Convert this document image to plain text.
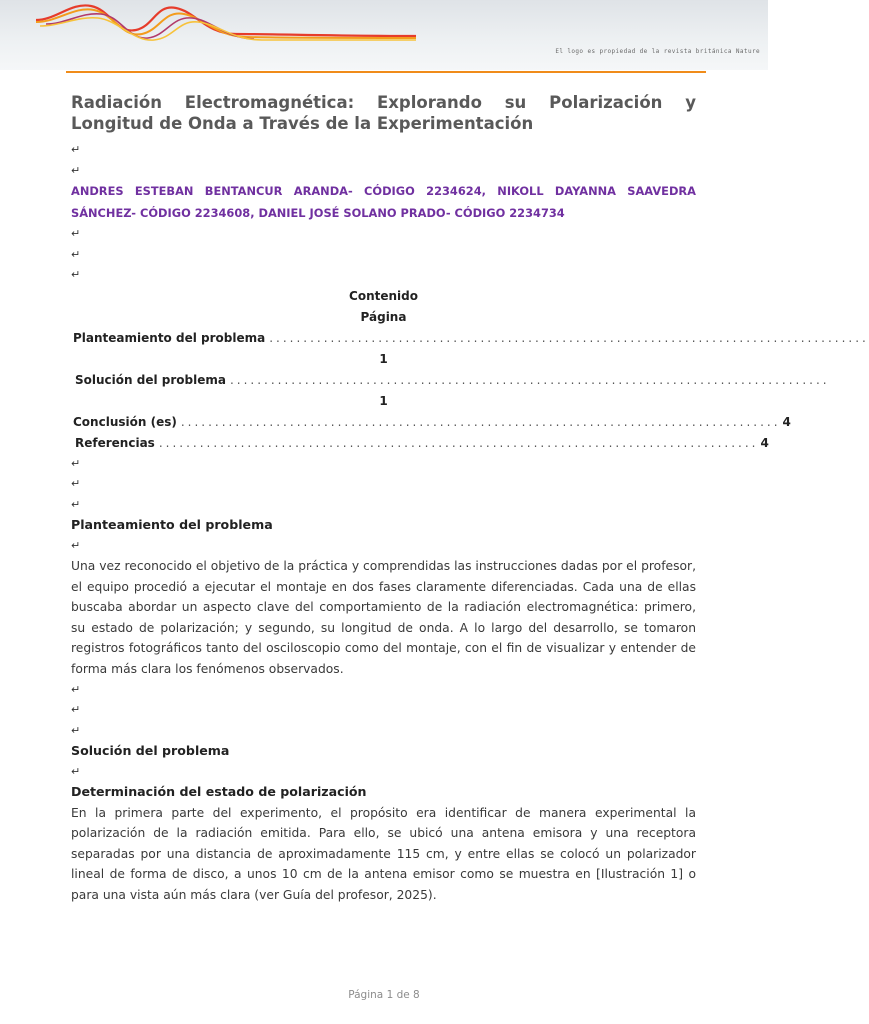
El logo es propiedad de la revista británica Nature
Radiación Electromagnética: Explorando su Polarización y
Longitud de Onda a Través de la Experimentación
↵
↵
ANDRES ESTEBAN BENTANCUR ARANDA- CÓDIGO 2234624, NIKOLL DAYANNA SAAVEDRA
SÁNCHEZ- CÓDIGO 2234608, DANIEL JOSÉ SOLANO PRADO- CÓDIGO 2234734
↵
↵
↵
Contenido
Página
Planteamiento del problema ........................................................................................
1
Solución del problema ........................................................................................
1
Conclusión (es) ........................................................................................ 4
Referencias ........................................................................................ 4
↵
↵
↵
Planteamiento del problema
↵
Una vez reconocido el objetivo de la práctica y comprendidas las instrucciones dadas por el profesor, el equipo procedió a ejecutar el montaje en dos fases claramente diferenciadas. Cada una de ellas buscaba abordar un aspecto clave del comportamiento de la radiación electromagnética: primero, su estado de polarización; y segundo, su longitud de onda. A lo largo del desarrollo, se tomaron registros fotográficos tanto del osciloscopio como del montaje, con el fin de visualizar y entender de forma más clara los fenómenos observados.
↵
↵
↵
Solución del problema
↵
Determinación del estado de polarización
En la primera parte del experimento, el propósito era identificar de manera experimental la polarización de la radiación emitida. Para ello, se ubicó una antena emisora y una receptora separadas por una distancia de aproximadamente 115 cm, y entre ellas se colocó un polarizador lineal de forma de disco, a unos 10 cm de la antena emisor como se muestra en [Ilustración 1] o para una vista aún más clara (ver Guía del profesor, 2025).
Página 1 de 8
